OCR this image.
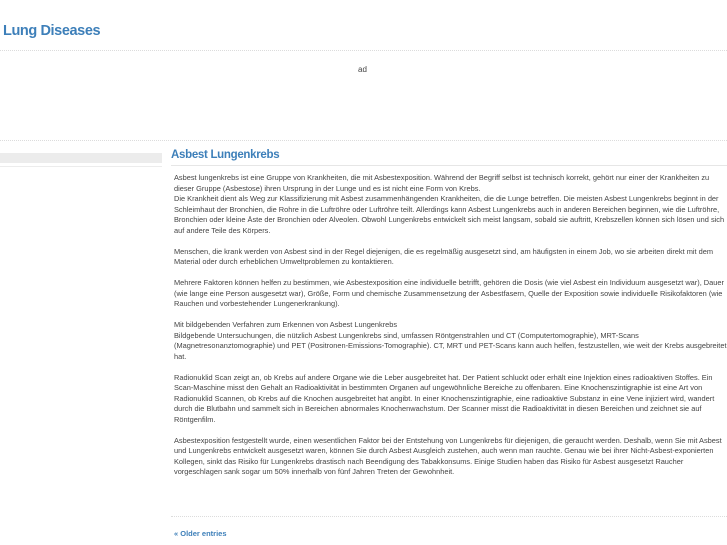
Lung Diseases
ad
Asbest Lungenkrebs

Asbest lungenkrebs ist eine Gruppe von Krankheiten, die mit Asbestexposition. Während der Begriff selbst ist technisch korrekt, gehört nur einer der Krankheiten zu dieser Gruppe (Asbestose) ihren Ursprung in der Lunge und es ist nicht eine Form von Krebs.
Die Krankheit dient als Weg zur Klassifizierung mit Asbest zusammenhängenden Krankheiten, die die Lunge betreffen. Die meisten Asbest Lungenkrebs beginnt in der Schleimhaut der Bronchien, die Rohre in die Luftröhre oder Luftröhre teilt. Allerdings kann Asbest Lungenkrebs auch in anderen Bereichen beginnen, wie die Luftröhre, Bronchien oder kleine Äste der Bronchien oder Alveolen. Obwohl Lungenkrebs entwickelt sich meist langsam, sobald sie auftritt, Krebszellen können sich lösen und sich auf andere Teile des Körpers.

Menschen, die krank werden von Asbest sind in der Regel diejenigen, die es regelmäßig ausgesetzt sind, am häufigsten in einem Job, wo sie arbeiten direkt mit dem Material oder durch erheblichen Umweltproblemen zu kontaktieren.

Mehrere Faktoren können helfen zu bestimmen, wie Asbestexposition eine individuelle betrifft, gehören die Dosis (wie viel Asbest ein Individuum ausgesetzt war), Dauer (wie lange eine Person ausgesetzt war), Größe, Form und chemische Zusammensetzung der Asbestfasern, Quelle der Exposition sowie individuelle Risikofaktoren (wie Rauchen und vorbestehender Lungenerkrankung).

Mit bildgebenden Verfahren zum Erkennen von Asbest Lungenkrebs
Bildgebende Untersuchungen, die nützlich Asbest Lungenkrebs sind, umfassen Röntgenstrahlen und CT (Computertomographie), MRT-Scans (Magnetresonanztomographie) und PET (Positronen-Emissions-Tomographie). CT, MRT und PET-Scans kann auch helfen, festzustellen, wie weit der Krebs ausgebreitet hat.

Radionuklid Scan zeigt an, ob Krebs auf andere Organe wie die Leber ausgebreitet hat. Der Patient schluckt oder erhält eine Injektion eines radioaktiven Stoffes. Ein Scan-Maschine misst den Gehalt an Radioaktivität in bestimmten Organen auf ungewöhnliche Bereiche zu offenbaren. Eine Knochenszintigraphie ist eine Art von Radionuklid Scannen, ob Krebs auf die Knochen ausgebreitet hat angibt. In einer Knochenszintigraphie, eine radioaktive Substanz in eine Vene injiziert wird, wandert durch die Blutbahn und sammelt sich in Bereichen abnormales Knochenwachstum. Der Scanner misst die Radioaktivität in diesen Bereichen und zeichnet sie auf Röntgenfilm.

Asbestexposition festgestellt wurde, einen wesentlichen Faktor bei der Entstehung von Lungenkrebs für diejenigen, die geraucht werden. Deshalb, wenn Sie mit Asbest und Lungenkrebs entwickelt ausgesetzt waren, können Sie durch Asbest Ausgleich zustehen, auch wenn man rauchte. Genau wie bei ihrer Nicht-Asbest-exponierten Kollegen, sinkt das Risiko für Lungenkrebs drastisch nach Beendigung des Tabakkonsums. Einige Studien haben das Risiko für Asbest ausgesetzt Raucher vorgeschlagen sank sogar um 50% innerhalb von fünf Jahren Treten der Gewohnheit.

« Older entries
